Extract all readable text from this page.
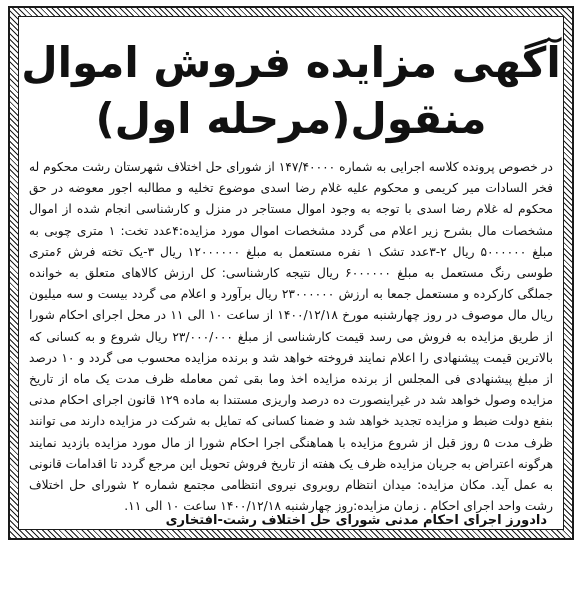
آگهی مزایده فروش اموال
منقول(مرحله اول)

در خصوص پرونده کلاسه اجرایی به شماره ۱۴۷/۴۰۰۰۰ از شورای حل اختلاف شهرستان رشت محکوم له فخر السادات میر کریمی و محکوم علیه غلام رضا اسدی موضوع تخلیه و مطالبه اجور معوضه در حق محکوم له غلام رضا اسدی با توجه به وجود اموال مستاجر در منزل و کارشناسی انجام شده از اموال مشخصات مال بشرح زیر اعلام می گردد مشخصات اموال مورد مزایده:۴عدد تخت: ۱ متری چوبی به مبلغ ۵۰۰۰۰۰۰ ریال ۲-۳عدد تشک ۱ نفره مستعمل به مبلغ ۱۲۰۰۰۰۰۰ ریال ۳-یک تخته فرش ۶متری طوسی رنگ مستعمل به مبلغ ۶۰۰۰۰۰۰ ریال نتیجه کارشناسی: کل ارزش کالاهای متعلق به خوانده جملگی کارکرده و مستعمل جمعا به ارزش ۲۳۰۰۰۰۰۰ ریال برآورد و اعلام می گردد بیست و سه میلیون ریال مال موصوف در روز چهارشنبه مورخ ۱۴۰۰/۱۲/۱۸ از ساعت ۱۰ الی ۱۱ در محل اجرای احکام شورا از طریق مزایده به فروش می رسد قیمت کارشناسی از مبلغ ۲۳/۰۰۰/۰۰۰ ریال شروع و به کسانی که بالاترین قیمت پیشنهادی را اعلام نمایند فروخته خواهد شد و برنده مزایده محسوب می گردد و ۱۰ درصد از مبلغ پیشنهادی فی المجلس از برنده مزایده اخذ وما بقی ثمن معامله ظرف مدت یک ماه از تاریخ مزایده وصول خواهد شد در غیراینصورت ده درصد واریزی مستندا به ماده ۱۲۹ قانون اجرای احکام مدنی بنفع دولت ضبط و مزایده تجدید خواهد شد و ضمنا کسانی که تمایل به شرکت در مزایده دارند می توانند ظرف مدت ۵ روز قبل از شروع مزایده با هماهنگی اجرا احکام شورا از مال مورد مزایده بازدید نمایند هرگونه اعتراض به جریان مزایده ظرف یک هفته از تاریخ فروش تحویل این مرجع گردد تا اقدامات قانونی به عمل آید. مکان مزایده: میدان انتظام روبروی نیروی انتظامی مجتمع شماره ۲ شورای حل اختلاف رشت واحد اجرای احکام . زمان مزایده:روز چهارشنبه ۱۴۰۰/۱۲/۱۸ ساعت ۱۰ الی ۱۱.

دادورز اجرای احکام مدنی شورای حل اختلاف رشت-افتخاری
